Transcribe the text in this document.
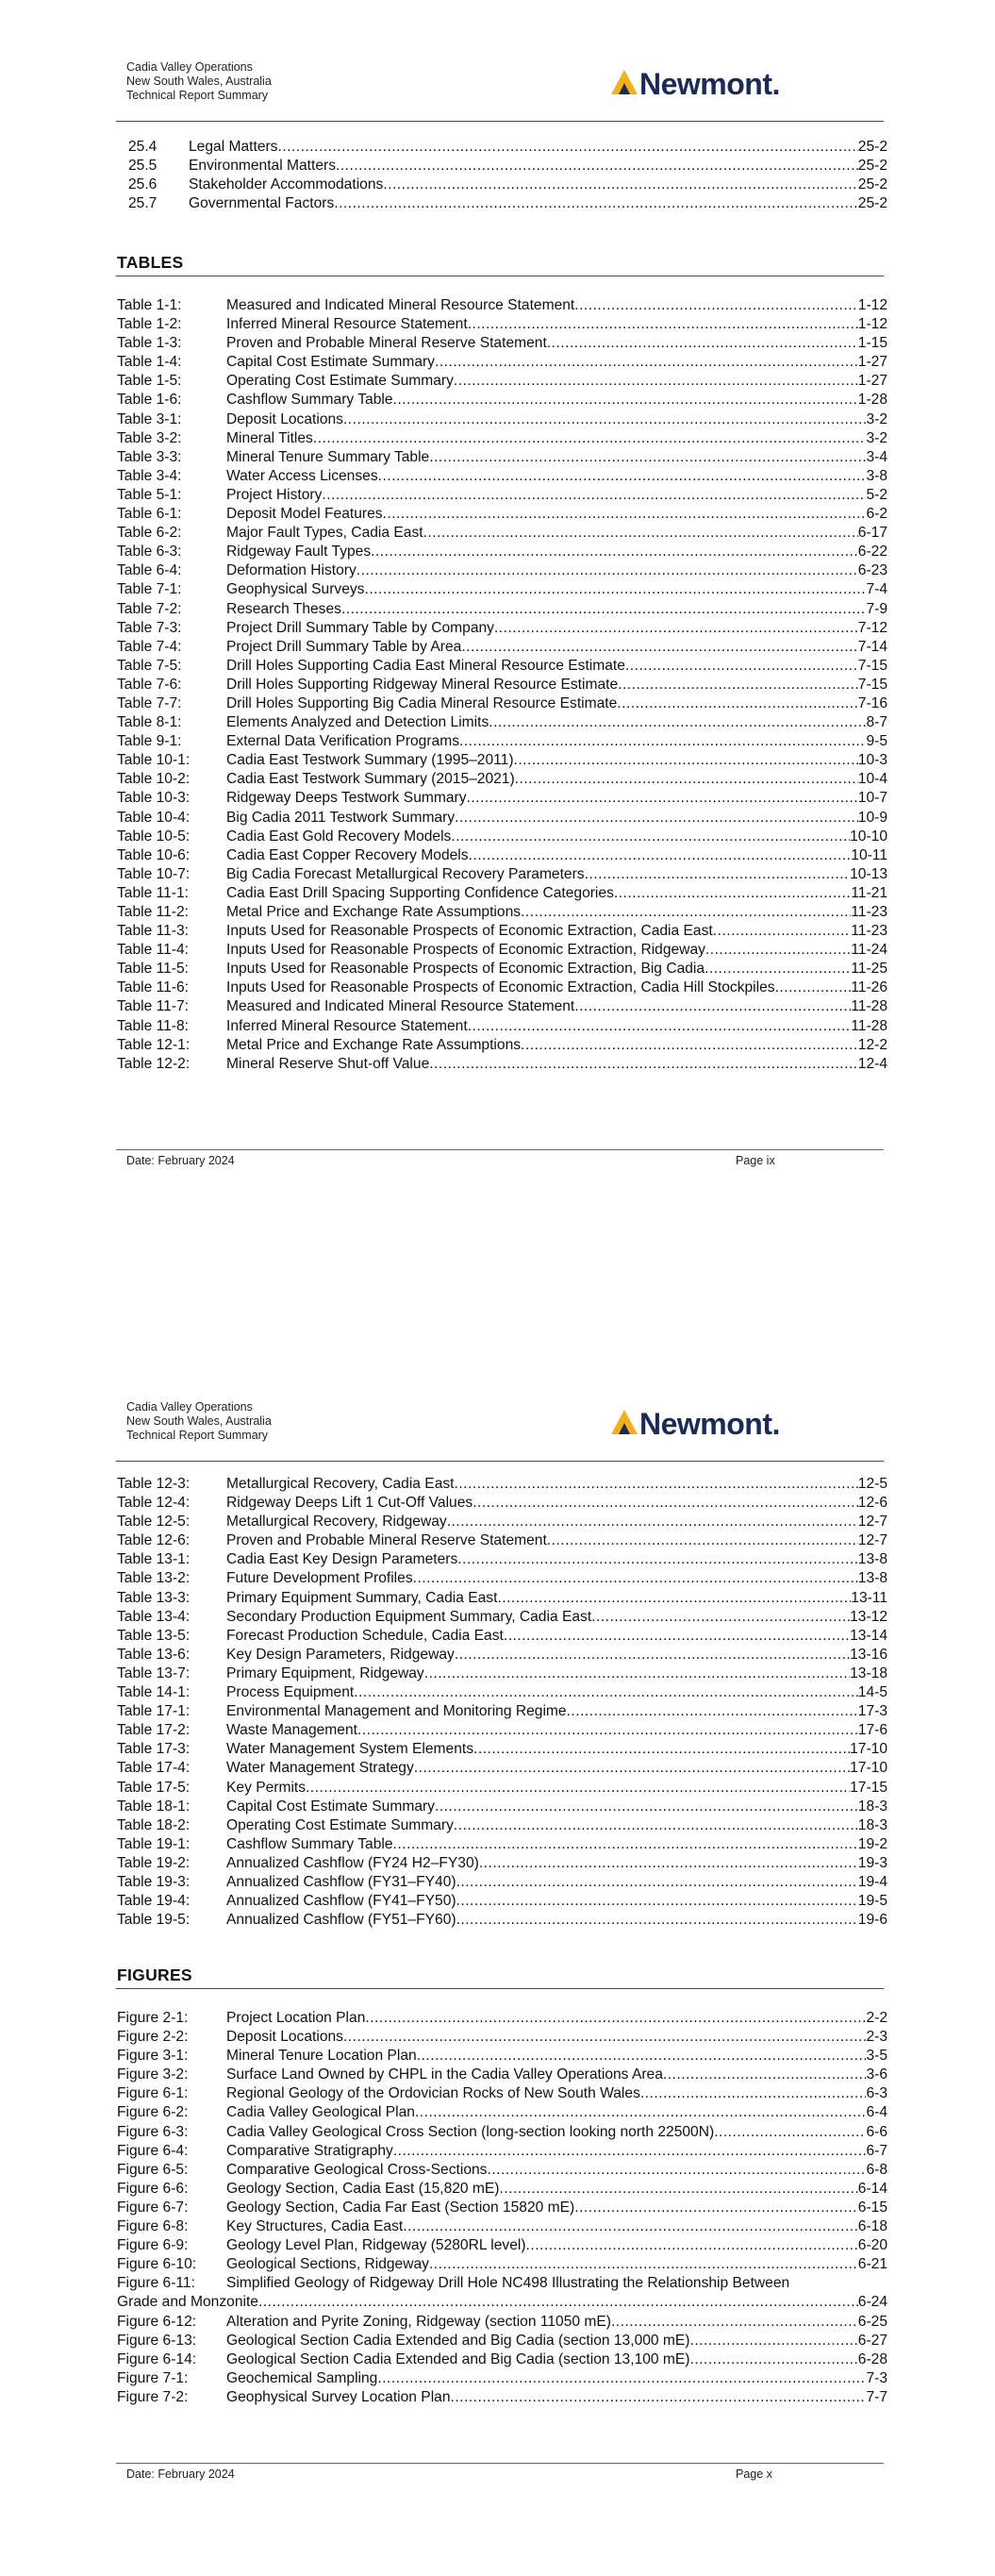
Cadia Valley Operations
New South Wales, Australia
Technical Report Summary	Newmont.
25.4	Legal Matters .....	25-2
25.5	Environmental Matters .....	25-2
25.6	Stakeholder Accommodations .....	25-2
25.7	Governmental Factors .....	25-2
TABLES
Table 1-1:	Measured and Indicated Mineral Resource Statement .....	1-12
Table 1-2:	Inferred Mineral Resource Statement .....	1-12
Table 1-3:	Proven and Probable Mineral Reserve Statement .....	1-15
Table 1-4:	Capital Cost Estimate Summary .....	1-27
Table 1-5:	Operating Cost Estimate Summary .....	1-27
Table 1-6:	Cashflow Summary Table .....	1-28
Table 3-1:	Deposit Locations .....	3-2
Table 3-2:	Mineral Titles .....	3-2
Table 3-3:	Mineral Tenure Summary Table .....	3-4
Table 3-4:	Water Access Licenses .....	3-8
Table 5-1:	Project History .....	5-2
Table 6-1:	Deposit Model Features .....	6-2
Table 6-2:	Major Fault Types, Cadia East .....	6-17
Table 6-3:	Ridgeway Fault Types .....	6-22
Table 6-4:	Deformation History .....	6-23
Table 7-1:	Geophysical Surveys .....	7-4
Table 7-2:	Research Theses .....	7-9
Table 7-3:	Project Drill Summary Table by Company .....	7-12
Table 7-4:	Project Drill Summary Table by Area .....	7-14
Table 7-5:	Drill Holes Supporting Cadia East Mineral Resource Estimate .....	7-15
Table 7-6:	Drill Holes Supporting Ridgeway Mineral Resource Estimate .....	7-15
Table 7-7:	Drill Holes Supporting Big Cadia Mineral Resource Estimate .....	7-16
Table 8-1:	Elements Analyzed and Detection Limits .....	8-7
Table 9-1:	External Data Verification Programs .....	9-5
Table 10-1:	Cadia East Testwork Summary (1995–2011) .....	10-3
Table 10-2:	Cadia East Testwork Summary (2015–2021) .....	10-4
Table 10-3:	Ridgeway Deeps Testwork Summary .....	10-7
Table 10-4:	Big Cadia 2011 Testwork Summary .....	10-9
Table 10-5:	Cadia East Gold Recovery Models .....	10-10
Table 10-6:	Cadia East Copper Recovery Models .....	10-11
Table 10-7:	Big Cadia Forecast Metallurgical Recovery Parameters .....	10-13
Table 11-1:	Cadia East Drill Spacing Supporting Confidence Categories .....	11-21
Table 11-2:	Metal Price and Exchange Rate Assumptions .....	11-23
Table 11-3:	Inputs Used for Reasonable Prospects of Economic Extraction, Cadia East .....	11-23
Table 11-4:	Inputs Used for Reasonable Prospects of Economic Extraction, Ridgeway .....	11-24
Table 11-5:	Inputs Used for Reasonable Prospects of Economic Extraction, Big Cadia .....	11-25
Table 11-6:	Inputs Used for Reasonable Prospects of Economic Extraction, Cadia Hill Stockpiles .....	11-26
Table 11-7:	Measured and Indicated Mineral Resource Statement .....	11-28
Table 11-8:	Inferred Mineral Resource Statement .....	11-28
Table 12-1:	Metal Price and Exchange Rate Assumptions .....	12-2
Table 12-2:	Mineral Reserve Shut-off Value .....	12-4
Date: February 2024	Page ix
Cadia Valley Operations
New South Wales, Australia
Technical Report Summary	Newmont.
Table 12-3:	Metallurgical Recovery, Cadia East .....	12-5
Table 12-4:	Ridgeway Deeps Lift 1 Cut-Off Values .....	12-6
Table 12-5:	Metallurgical Recovery, Ridgeway .....	12-7
Table 12-6:	Proven and Probable Mineral Reserve Statement .....	12-7
Table 13-1:	Cadia East Key Design Parameters .....	13-8
Table 13-2:	Future Development Profiles .....	13-8
Table 13-3:	Primary Equipment Summary, Cadia East .....	13-11
Table 13-4:	Secondary Production Equipment Summary, Cadia East .....	13-12
Table 13-5:	Forecast Production Schedule, Cadia East .....	13-14
Table 13-6:	Key Design Parameters, Ridgeway .....	13-16
Table 13-7:	Primary Equipment, Ridgeway .....	13-18
Table 14-1:	Process Equipment .....	14-5
Table 17-1:	Environmental Management and Monitoring Regime .....	17-3
Table 17-2:	Waste Management .....	17-6
Table 17-3:	Water Management System Elements .....	17-10
Table 17-4:	Water Management Strategy .....	17-10
Table 17-5:	Key Permits .....	17-15
Table 18-1:	Capital Cost Estimate Summary .....	18-3
Table 18-2:	Operating Cost Estimate Summary .....	18-3
Table 19-1:	Cashflow Summary Table .....	19-2
Table 19-2:	Annualized Cashflow (FY24 H2–FY30) .....	19-3
Table 19-3:	Annualized Cashflow (FY31–FY40) .....	19-4
Table 19-4:	Annualized Cashflow (FY41–FY50) .....	19-5
Table 19-5:	Annualized Cashflow (FY51–FY60) .....	19-6
FIGURES
Figure 2-1:	Project Location Plan .....	2-2
Figure 2-2:	Deposit Locations .....	2-3
Figure 3-1:	Mineral Tenure Location Plan .....	3-5
Figure 3-2:	Surface Land Owned by CHPL in the Cadia Valley Operations Area .....	3-6
Figure 6-1:	Regional Geology of the Ordovician Rocks of New South Wales .....	6-3
Figure 6-2:	Cadia Valley Geological Plan .....	6-4
Figure 6-3:	Cadia Valley Geological Cross Section (long-section looking north 22500N) .....	6-6
Figure 6-4:	Comparative Stratigraphy .....	6-7
Figure 6-5:	Comparative Geological Cross-Sections .....	6-8
Figure 6-6:	Geology Section, Cadia East (15,820 mE) .....	6-14
Figure 6-7:	Geology Section, Cadia Far East (Section 15820 mE) .....	6-15
Figure 6-8:	Key Structures, Cadia East .....	6-18
Figure 6-9:	Geology Level Plan, Ridgeway (5280RL level) .....	6-20
Figure 6-10:	Geological Sections, Ridgeway .....	6-21
Figure 6-11:	Simplified Geology of Ridgeway Drill Hole NC498 Illustrating the Relationship Between
Grade and Monzonite .....	6-24
Figure 6-12:	Alteration and Pyrite Zoning, Ridgeway (section 11050 mE) .....	6-25
Figure 6-13:	Geological Section Cadia Extended and Big Cadia (section 13,000 mE) .....	6-27
Figure 6-14:	Geological Section Cadia Extended and Big Cadia (section 13,100 mE) .....	6-28
Figure 7-1:	Geochemical Sampling .....	7-3
Figure 7-2:	Geophysical Survey Location Plan .....	7-7
Date: February 2024	Page x
